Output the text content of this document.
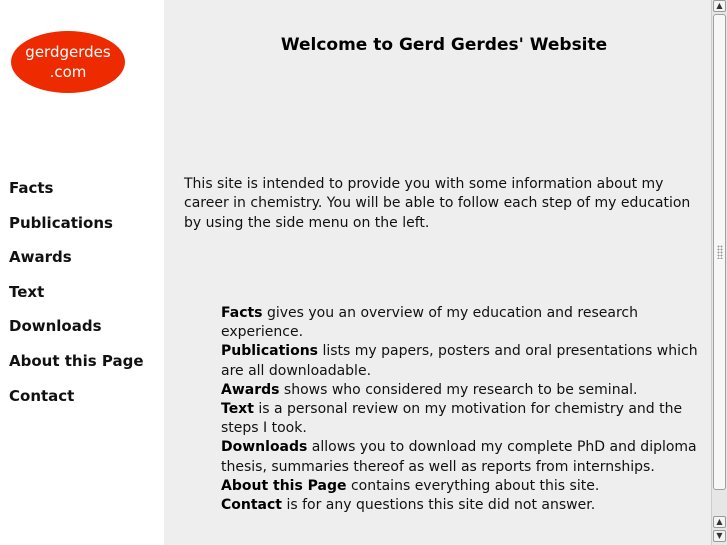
gerdgerdes
.com
Facts
Publications
Awards
Text
Downloads
About this Page
Contact
Welcome to Gerd Gerdes' Website

This site is intended to provide you with some information about my career in chemistry. You will be able to follow each step of my education by using the side menu on the left.

Facts gives you an overview of my education and research experience.

Publications lists my papers, posters and oral presentations which are all downloadable.

Awards shows who considered my research to be seminal.

Text is a personal review on my motivation for chemistry and the steps I took.

Downloads allows you to download my complete PhD and diploma thesis, summaries thereof as well as reports from internships.

About this Page contains everything about this site.

Contact is for any questions this site did not answer.

▲
▲
▼
